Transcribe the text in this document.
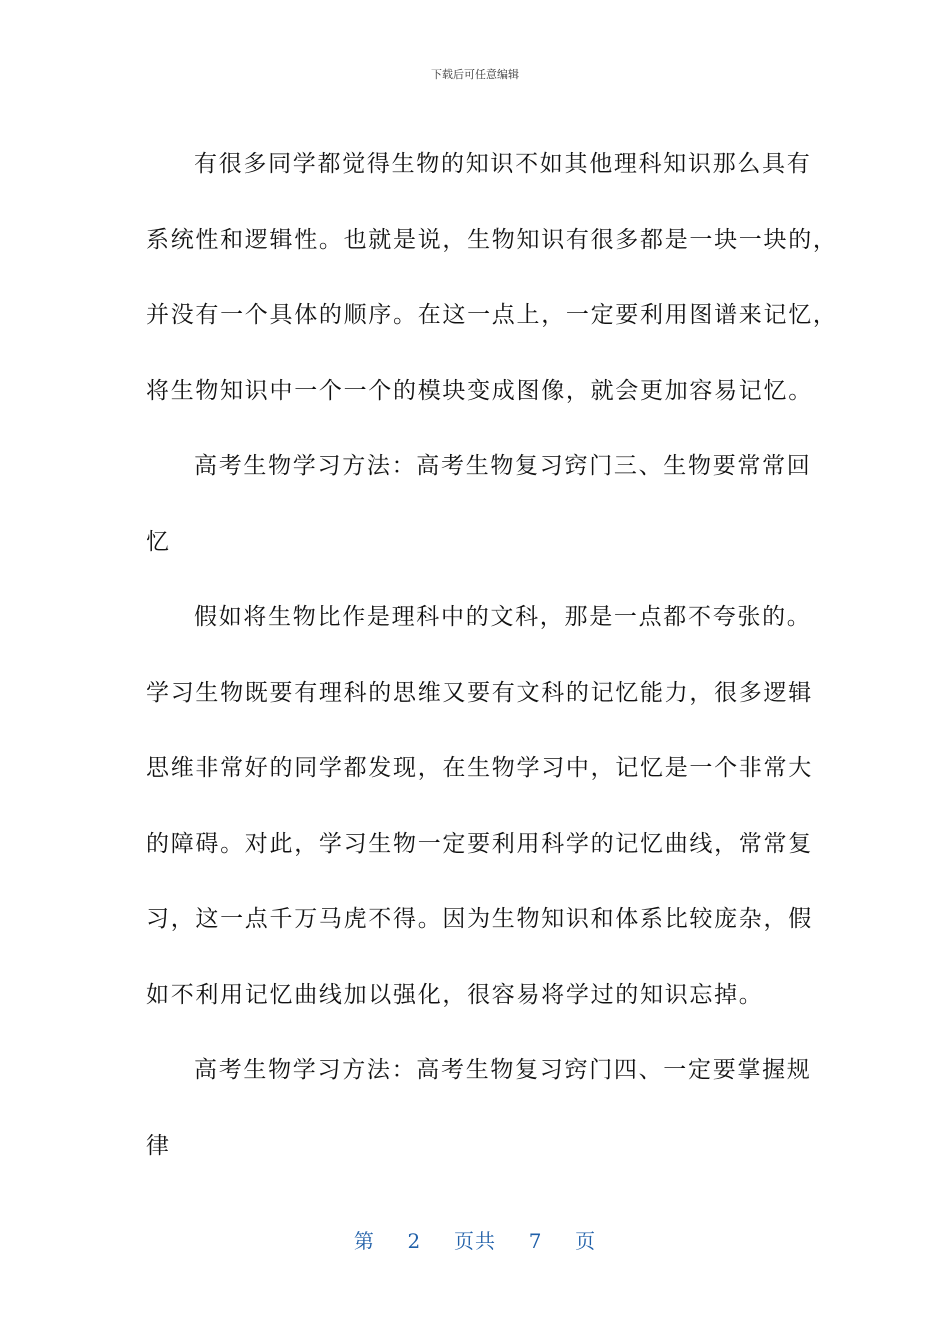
下载后可任意编辑

有很多同学都觉得生物的知识不如其他理科知识那么具有
系统性和逻辑性。也就是说，生物知识有很多都是一块一块的，
并没有一个具体的顺序。在这一点上，一定要利用图谱来记忆，
将生物知识中一个一个的模块变成图像，就会更加容易记忆。

高考生物学习方法：高考生物复习窍门三、生物要常常回
忆

假如将生物比作是理科中的文科，那是一点都不夸张的。
学习生物既要有理科的思维又要有文科的记忆能力，很多逻辑
思维非常好的同学都发现，在生物学习中，记忆是一个非常大
的障碍。对此，学习生物一定要利用科学的记忆曲线，常常复
习，这一点千万马虎不得。因为生物知识和体系比较庞杂，假
如不利用记忆曲线加以强化，很容易将学过的知识忘掉。

高考生物学习方法：高考生物复习窍门四、一定要掌握规
律

第 2 页共 7 页
